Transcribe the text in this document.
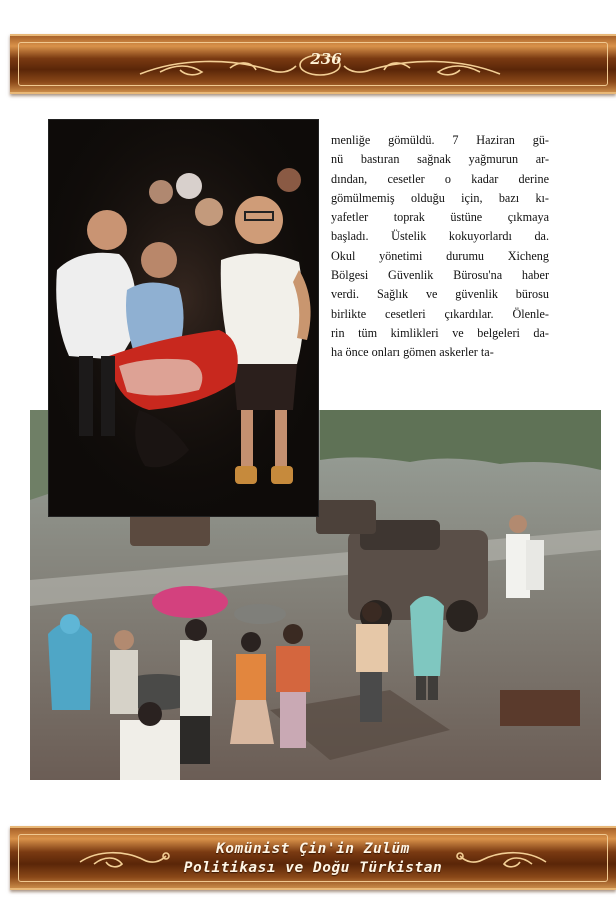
236
menliğe gömüldü. 7 Haziran gü-
nü bastıran sağnak yağmurun ar-
dından, cesetler o kadar derine
gömülmemiş olduğu için, bazı kı-
yafetler toprak üstüne çıkmaya
başladı. Üstelik kokuyorlardı da.
Okul yönetimi durumu Xicheng
Bölgesi Güvenlik Bürosu'na haber
verdi. Sağlık ve güvenlik bürosu
birlikte cesetleri çıkardılar. Ölenle-
rin tüm kimlikleri ve belgeleri da-
ha önce onları gömen askerler ta-
Komünist Çin'in Zulüm
Politikası ve Doğu Türkistan
